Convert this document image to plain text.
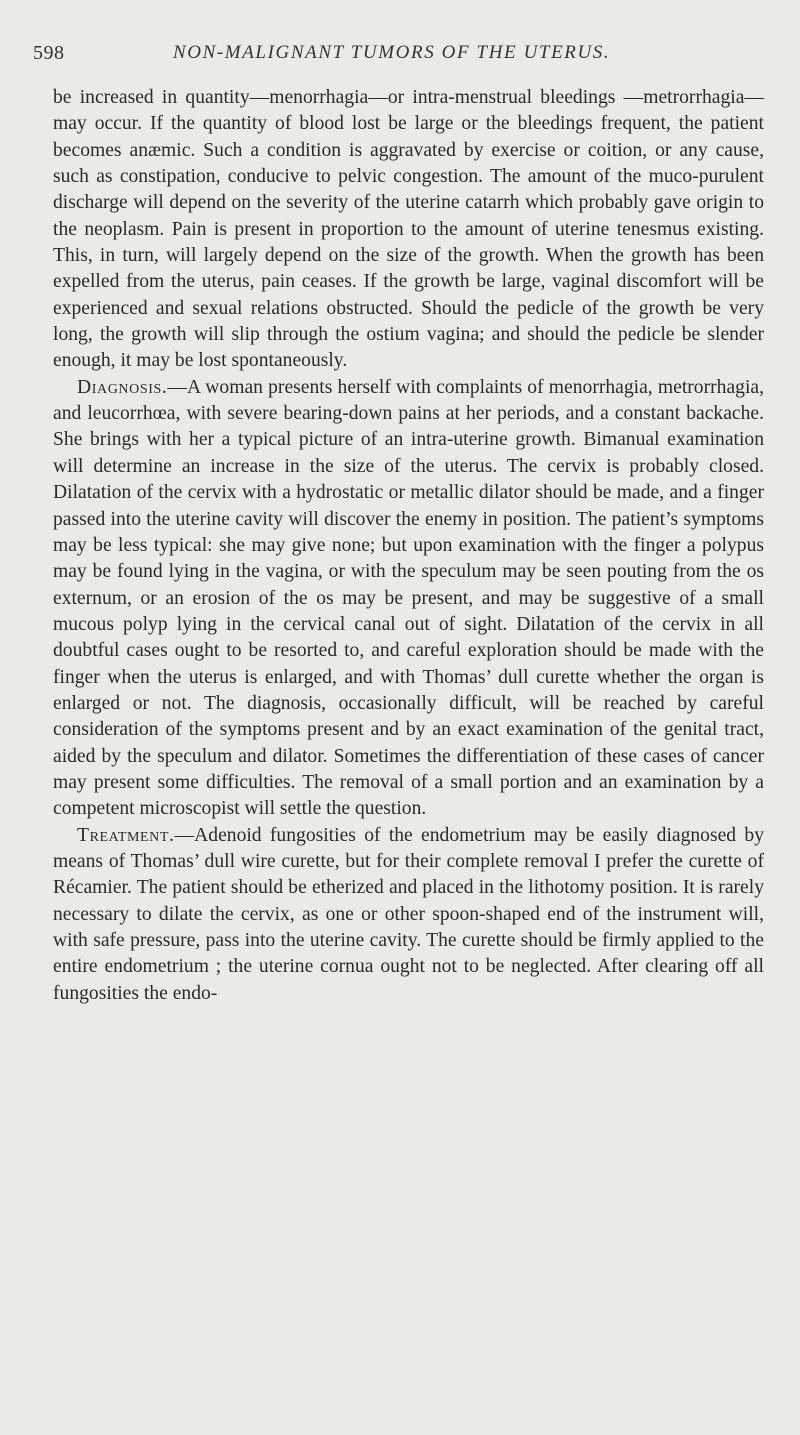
598	NON-MALIGNANT TUMORS OF THE UTERUS.

be increased in quantity—menorrhagia—or intra-menstrual bleedings —metrorrhagia—may occur. If the quantity of blood lost be large or the bleedings frequent, the patient becomes anæmic. Such a condition is aggravated by exercise or coition, or any cause, such as constipation, conducive to pelvic congestion. The amount of the muco-purulent discharge will depend on the severity of the uterine catarrh which probably gave origin to the neoplasm. Pain is present in proportion to the amount of uterine tenesmus existing. This, in turn, will largely depend on the size of the growth. When the growth has been expelled from the uterus, pain ceases. If the growth be large, vaginal discomfort will be experienced and sexual relations obstructed. Should the pedicle of the growth be very long, the growth will slip through the ostium vagina; and should the pedicle be slender enough, it may be lost spontaneously.

Diagnosis.—A woman presents herself with complaints of menorrhagia, metrorrhagia, and leucorrhœa, with severe bearing-down pains at her periods, and a constant backache. She brings with her a typical picture of an intra-uterine growth. Bimanual examination will determine an increase in the size of the uterus. The cervix is probably closed. Dilatation of the cervix with a hydrostatic or metallic dilator should be made, and a finger passed into the uterine cavity will discover the enemy in position. The patient’s symptoms may be less typical: she may give none; but upon examination with the finger a polypus may be found lying in the vagina, or with the speculum may be seen pouting from the os externum, or an erosion of the os may be present, and may be suggestive of a small mucous polyp lying in the cervical canal out of sight. Dilatation of the cervix in all doubtful cases ought to be resorted to, and careful exploration should be made with the finger when the uterus is enlarged, and with Thomas’ dull curette whether the organ is enlarged or not. The diagnosis, occasionally difficult, will be reached by careful consideration of the symptoms present and by an exact examination of the genital tract, aided by the speculum and dilator. Sometimes the differentiation of these cases of cancer may present some difficulties. The removal of a small portion and an examination by a competent microscopist will settle the question.

Treatment.—Adenoid fungosities of the endometrium may be easily diagnosed by means of Thomas’ dull wire curette, but for their complete removal I prefer the curette of Récamier. The patient should be etherized and placed in the lithotomy position. It is rarely necessary to dilate the cervix, as one or other spoon-shaped end of the instrument will, with safe pressure, pass into the uterine cavity. The curette should be firmly applied to the entire endometrium ; the uterine cornua ought not to be neglected. After clearing off all fungosities the endo-
